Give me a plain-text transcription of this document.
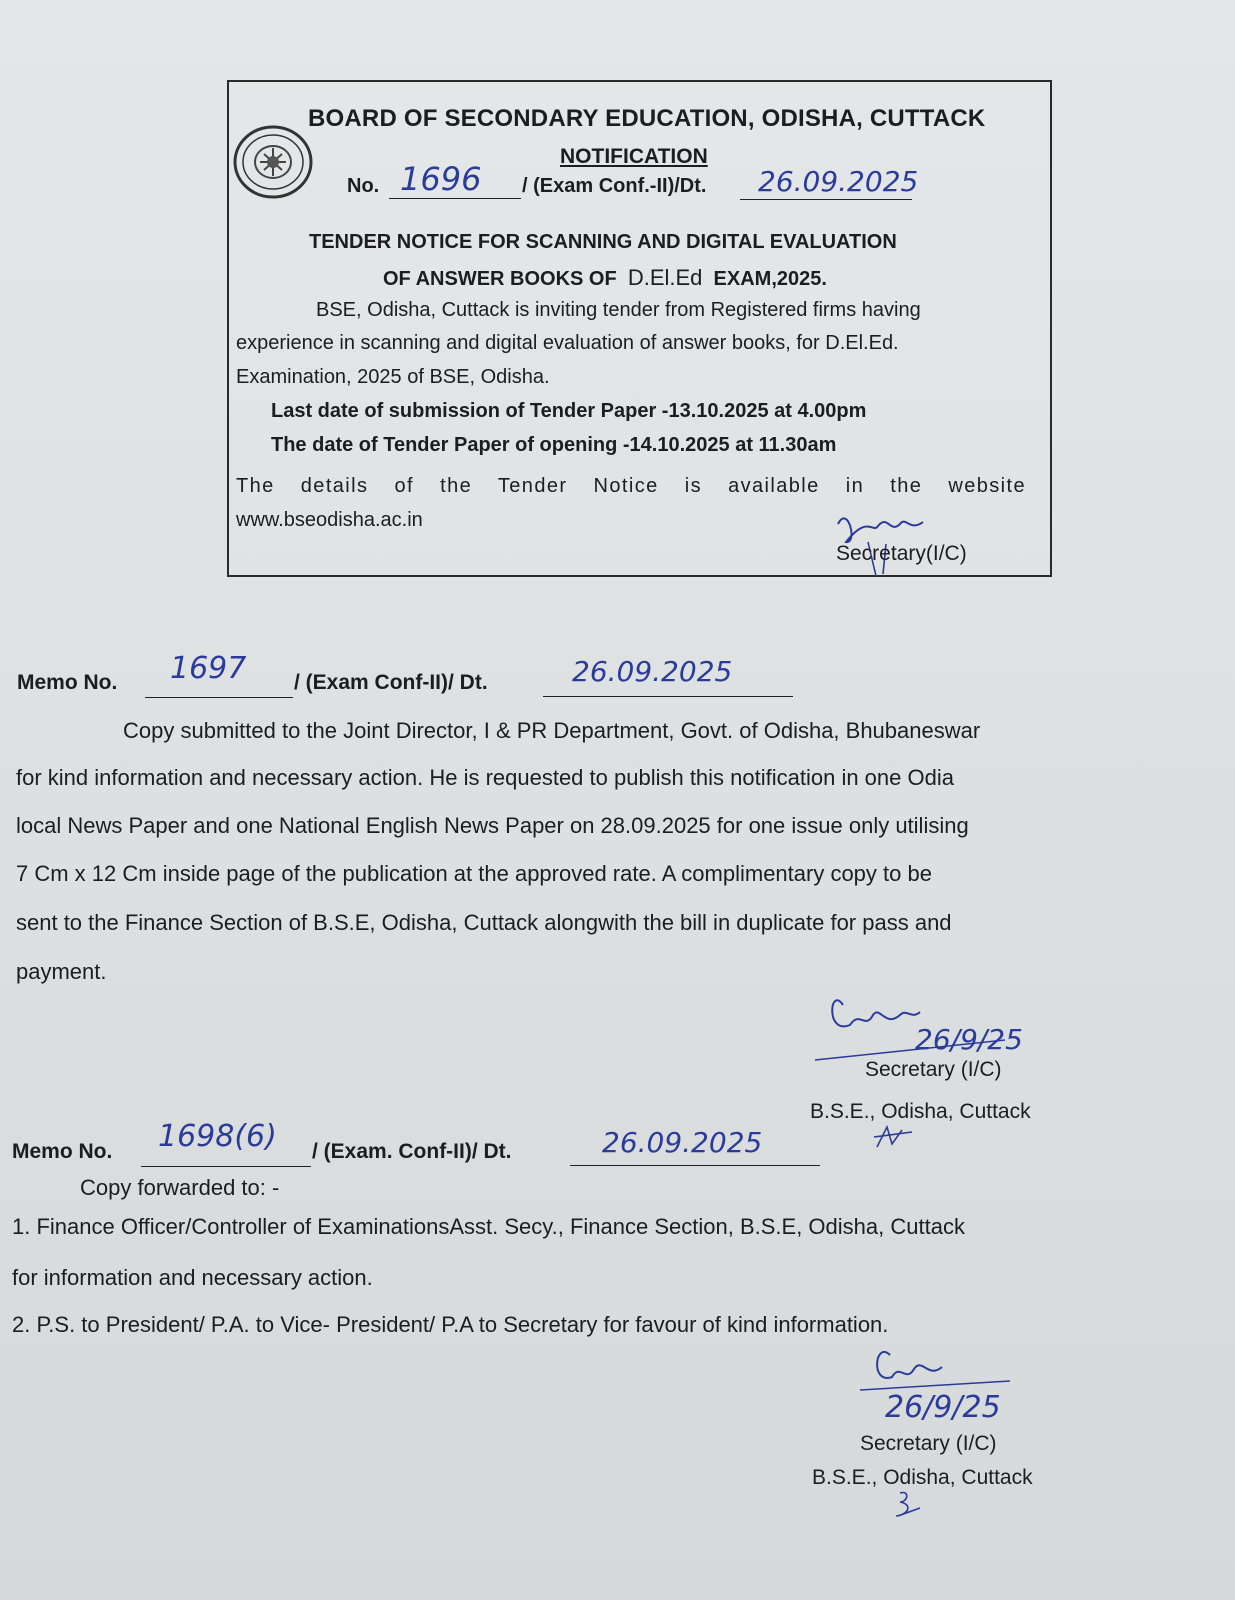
BOARD OF SECONDARY EDUCATION, ODISHA, CUTTACK
NOTIFICATION
No. 1696 / (Exam Conf.-II)/Dt. 26.09.2025
TENDER NOTICE FOR SCANNING AND DIGITAL EVALUATION
OF ANSWER BOOKS OF D.El.Ed EXAM,2025.
BSE, Odisha, Cuttack is inviting tender from Registered firms having
experience in scanning and digital evaluation of answer books, for D.El.Ed.
Examination, 2025 of BSE, Odisha.
Last date of submission of Tender Paper -13.10.2025 at 4.00pm
The date of Tender Paper of opening -14.10.2025 at 11.30am
The details of the Tender Notice is available in the website
www.bseodisha.ac.in
Secretary(I/C)
Memo No. 1697 / (Exam Conf-II)/ Dt.	26.09.2025
Copy submitted to the Joint Director, I & PR Department, Govt. of Odisha, Bhubaneswar
for kind information and necessary action. He is requested to publish this notification in one Odia
local News Paper and one National English News Paper on 28.09.2025 for one issue only utilising
7 Cm x 12 Cm inside page of the publication at the approved rate. A complimentary copy to be
sent to the Finance Section of B.S.E, Odisha, Cuttack alongwith the bill in duplicate for pass and
payment.
26/9/25
Secretary (I/C)
B.S.E., Odisha, Cuttack
Memo No. 1698(6) / (Exam. Conf-II)/ Dt.	26.09.2025
Copy forwarded to: -
1. Finance Officer/Controller of ExaminationsAsst. Secy., Finance Section, B.S.E, Odisha, Cuttack
for information and necessary action.
2. P.S. to President/ P.A. to Vice- President/ P.A to Secretary for favour of kind information.
26/9/25
Secretary (I/C)
B.S.E., Odisha, Cuttack
